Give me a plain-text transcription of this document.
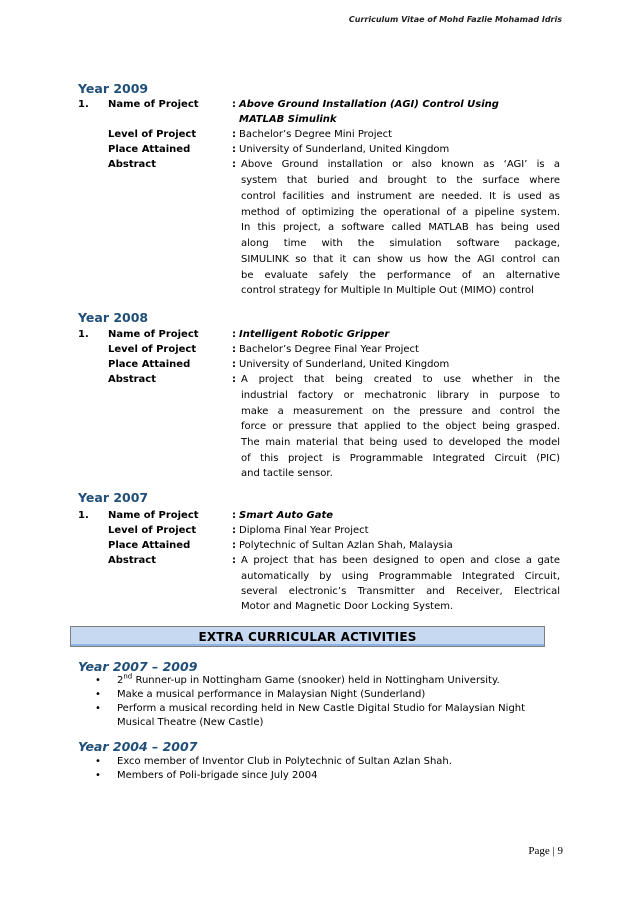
Curriculum Vitae of Mohd Fazlie Mohamad Idris
Year 2009
1. Name of Project	: Above Ground Installation (AGI) Control Using
MATLAB Simulink
Level of Project	: Bachelor’s Degree Mini Project
Place Attained	: University of Sunderland, United Kingdom
Abstract	: Above Ground installation or also known as ‘AGI’ is a
system that buried and brought to the surface where
control facilities and instrument are needed. It is used as
method of optimizing the operational of a pipeline system.
In this project, a software called MATLAB has being used
along time with the simulation software package,
SIMULINK so that it can show us how the AGI control can
be evaluate safely the performance of an alternative
control strategy for Multiple In Multiple Out (MIMO) control
Year 2008
1. Name of Project	: Intelligent Robotic Gripper
Level of Project	: Bachelor’s Degree Final Year Project
Place Attained	: University of Sunderland, United Kingdom
Abstract	: A project that being created to use whether in the
industrial factory or mechatronic library in purpose to
make a measurement on the pressure and control the
force or pressure that applied to the object being grasped.
The main material that being used to developed the model
of this project is Programmable Integrated Circuit (PIC)
and tactile sensor.
Year 2007
1. Name of Project	: Smart Auto Gate
Level of Project	: Diploma Final Year Project
Place Attained	: Polytechnic of Sultan Azlan Shah, Malaysia
Abstract	: A project that has been designed to open and close a gate
automatically by using Programmable Integrated Circuit,
several electronic’s Transmitter and Receiver, Electrical
Motor and Magnetic Door Locking System.
EXTRA CURRICULAR ACTIVITIES
Year 2007 – 2009
• 2nd Runner-up in Nottingham Game (snooker) held in Nottingham University.
• Make a musical performance in Malaysian Night (Sunderland)
• Perform a musical recording held in New Castle Digital Studio for Malaysian Night Musical Theatre (New Castle)
Year 2004 – 2007
• Exco member of Inventor Club in Polytechnic of Sultan Azlan Shah.
• Members of Poli-brigade since July 2004
Page | 9
